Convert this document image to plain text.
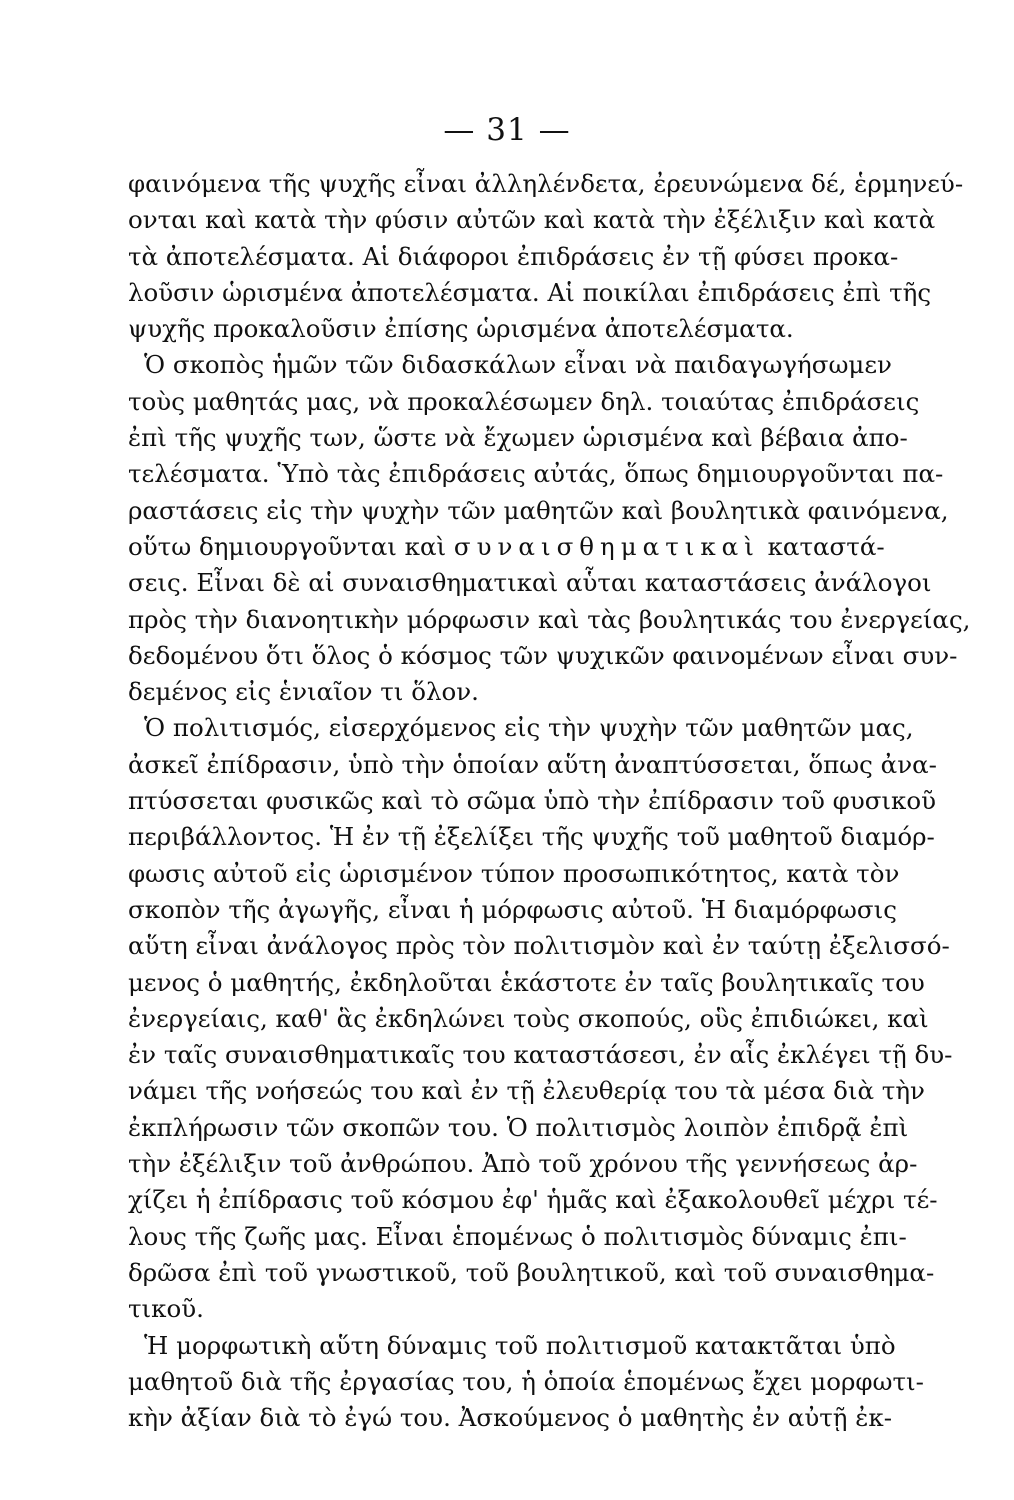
— 31 —
φαινόμενα τῆς ψυχῆς εἶναι ἀλληλένδετα, ἐρευνώμενα δέ, ἑρμηνεύ-
ονται καὶ κατὰ τὴν φύσιν αὐτῶν καὶ κατὰ τὴν ἐξέλιξιν καὶ κατὰ
τὰ ἀποτελέσματα. Αἱ διάφοροι ἐπιδράσεις ἐν τῇ φύσει προκα-
λοῦσιν ὡρισμένα ἀποτελέσματα. Αἱ ποικίλαι ἐπιδράσεις ἐπὶ τῆς
ψυχῆς προκαλοῦσιν ἐπίσης ὡρισμένα ἀποτελέσματα.
Ὁ σκοπὸς ἡμῶν τῶν διδασκάλων εἶναι νὰ παιδαγωγήσωμεν
τοὺς μαθητάς μας, νὰ προκαλέσωμεν δηλ. τοιαύτας ἐπιδράσεις
ἐπὶ τῆς ψυχῆς των, ὥστε νὰ ἔχωμεν ὡρισμένα καὶ βέβαια ἀπο-
τελέσματα. Ὑπὸ τὰς ἐπιδράσεις αὐτάς, ὅπως δημιουργοῦνται πα-
ραστάσεις εἰς τὴν ψυχὴν τῶν μαθητῶν καὶ βουλητικὰ φαινόμενα,
οὕτω δημιουργοῦνται καὶ συναισθηματικαὶ καταστά-
σεις. Εἶναι δὲ αἱ συναισθηματικαὶ αὗται καταστάσεις ἀνάλογοι
πρὸς τὴν διανοητικὴν μόρφωσιν καὶ τὰς βουλητικάς του ἐνεργείας,
δεδομένου ὅτι ὅλος ὁ κόσμος τῶν ψυχικῶν φαινομένων εἶναι συν-
δεμένος εἰς ἑνιαῖον τι ὅλον.
Ὁ πολιτισμός, εἰσερχόμενος εἰς τὴν ψυχὴν τῶν μαθητῶν μας,
ἀσκεῖ ἐπίδρασιν, ὑπὸ τὴν ὁποίαν αὕτη ἀναπτύσσεται, ὅπως ἀνα-
πτύσσεται φυσικῶς καὶ τὸ σῶμα ὑπὸ τὴν ἐπίδρασιν τοῦ φυσικοῦ
περιβάλλοντος. Ἡ ἐν τῇ ἐξελίξει τῆς ψυχῆς τοῦ μαθητοῦ διαμόρ-
φωσις αὐτοῦ εἰς ὡρισμένον τύπον προσωπικότητος, κατὰ τὸν
σκοπὸν τῆς ἀγωγῆς, εἶναι ἡ μόρφωσις αὐτοῦ. Ἡ διαμόρφωσις
αὕτη εἶναι ἀνάλογος πρὸς τὸν πολιτισμὸν καὶ ἐν ταύτῃ ἐξελισσό-
μενος ὁ μαθητής, ἐκδηλοῦται ἑκάστοτε ἐν ταῖς βουλητικαῖς του
ἐνεργείαις, καθ' ἃς ἐκδηλώνει τοὺς σκοπούς, οὓς ἐπιδιώκει, καὶ
ἐν ταῖς συναισθηματικαῖς του καταστάσεσι, ἐν αἷς ἐκλέγει τῇ δυ-
νάμει τῆς νοήσεώς του καὶ ἐν τῇ ἐλευθερίᾳ του τὰ μέσα διὰ τὴν
ἐκπλήρωσιν τῶν σκοπῶν του. Ὁ πολιτισμὸς λοιπὸν ἐπιδρᾷ ἐπὶ
τὴν ἐξέλιξιν τοῦ ἀνθρώπου. Ἀπὸ τοῦ χρόνου τῆς γεννήσεως ἀρ-
χίζει ἡ ἐπίδρασις τοῦ κόσμου ἐφ' ἡμᾶς καὶ ἐξακολουθεῖ μέχρι τέ-
λους τῆς ζωῆς μας. Εἶναι ἑπομένως ὁ πολιτισμὸς δύναμις ἐπι-
δρῶσα ἐπὶ τοῦ γνωστικοῦ, τοῦ βουλητικοῦ, καὶ τοῦ συναισθημα-
τικοῦ.
Ἡ μορφωτικὴ αὕτη δύναμις τοῦ πολιτισμοῦ κατακτᾶται ὑπὸ
μαθητοῦ διὰ τῆς ἐργασίας του, ἡ ὁποία ἑπομένως ἔχει μορφωτι-
κὴν ἀξίαν διὰ τὸ ἐγώ του. Ἀσκούμενος ὁ μαθητὴς ἐν αὐτῇ ἐκ-
